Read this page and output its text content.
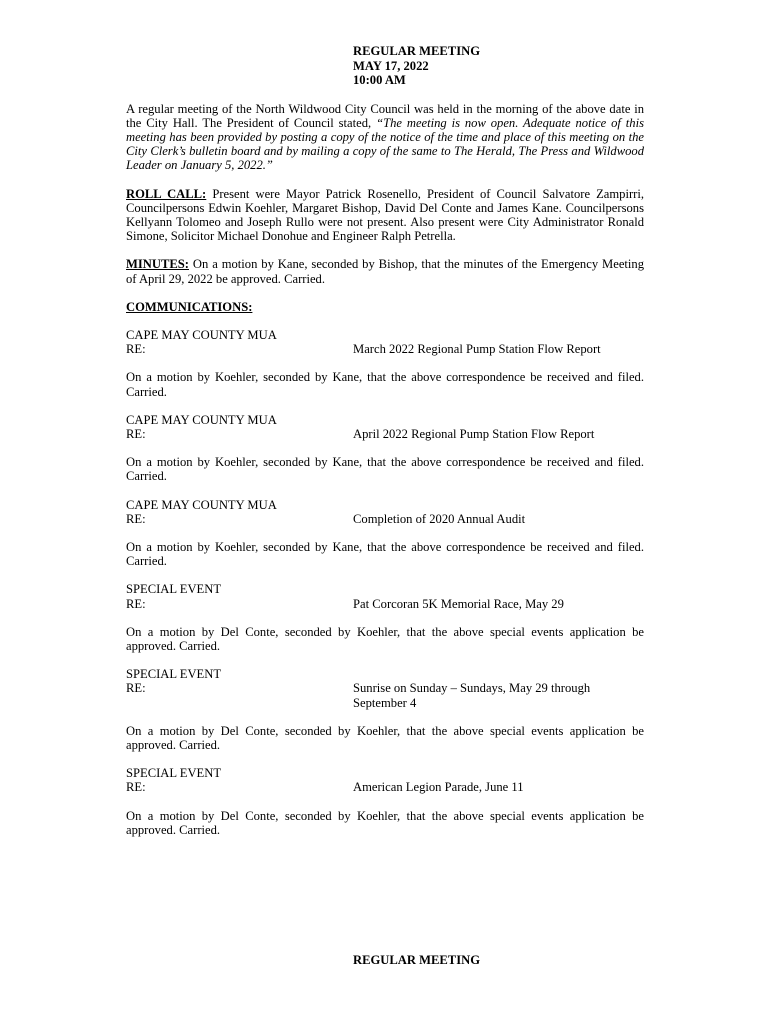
REGULAR MEETING
MAY 17, 2022
10:00 AM

A regular meeting of the North Wildwood City Council was held in the morning of the above date in the City Hall. The President of Council stated, “The meeting is now open. Adequate notice of this meeting has been provided by posting a copy of the notice of the time and place of this meeting on the City Clerk’s bulletin board and by mailing a copy of the same to The Herald, The Press and Wildwood Leader on January 5, 2022.”

ROLL CALL: Present were Mayor Patrick Rosenello, President of Council Salvatore Zampirri, Councilpersons Edwin Koehler, Margaret Bishop, David Del Conte and James Kane. Councilpersons Kellyann Tolomeo and Joseph Rullo were not present. Also present were City Administrator Ronald Simone, Solicitor Michael Donohue and Engineer Ralph Petrella.

MINUTES: On a motion by Kane, seconded by Bishop, that the minutes of the Emergency Meeting of April 29, 2022 be approved. Carried.

COMMUNICATIONS:
CAPE MAY COUNTY MUA
RE:	March 2022 Regional Pump Station Flow Report

On a motion by Koehler, seconded by Kane, that the above correspondence be received and filed. Carried.

CAPE MAY COUNTY MUA
RE:	April 2022 Regional Pump Station Flow Report

On a motion by Koehler, seconded by Kane, that the above correspondence be received and filed. Carried.

CAPE MAY COUNTY MUA
RE:	Completion of 2020 Annual Audit

On a motion by Koehler, seconded by Kane, that the above correspondence be received and filed. Carried.

SPECIAL EVENT
RE:	Pat Corcoran 5K Memorial Race, May 29

On a motion by Del Conte, seconded by Koehler, that the above special events application be approved. Carried.

SPECIAL EVENT
RE:	Sunrise on Sunday – Sundays, May 29 through September 4

On a motion by Del Conte, seconded by Koehler, that the above special events application be approved. Carried.

SPECIAL EVENT
RE:	American Legion Parade, June 11

On a motion by Del Conte, seconded by Koehler, that the above special events application be approved. Carried.

REGULAR MEETING
